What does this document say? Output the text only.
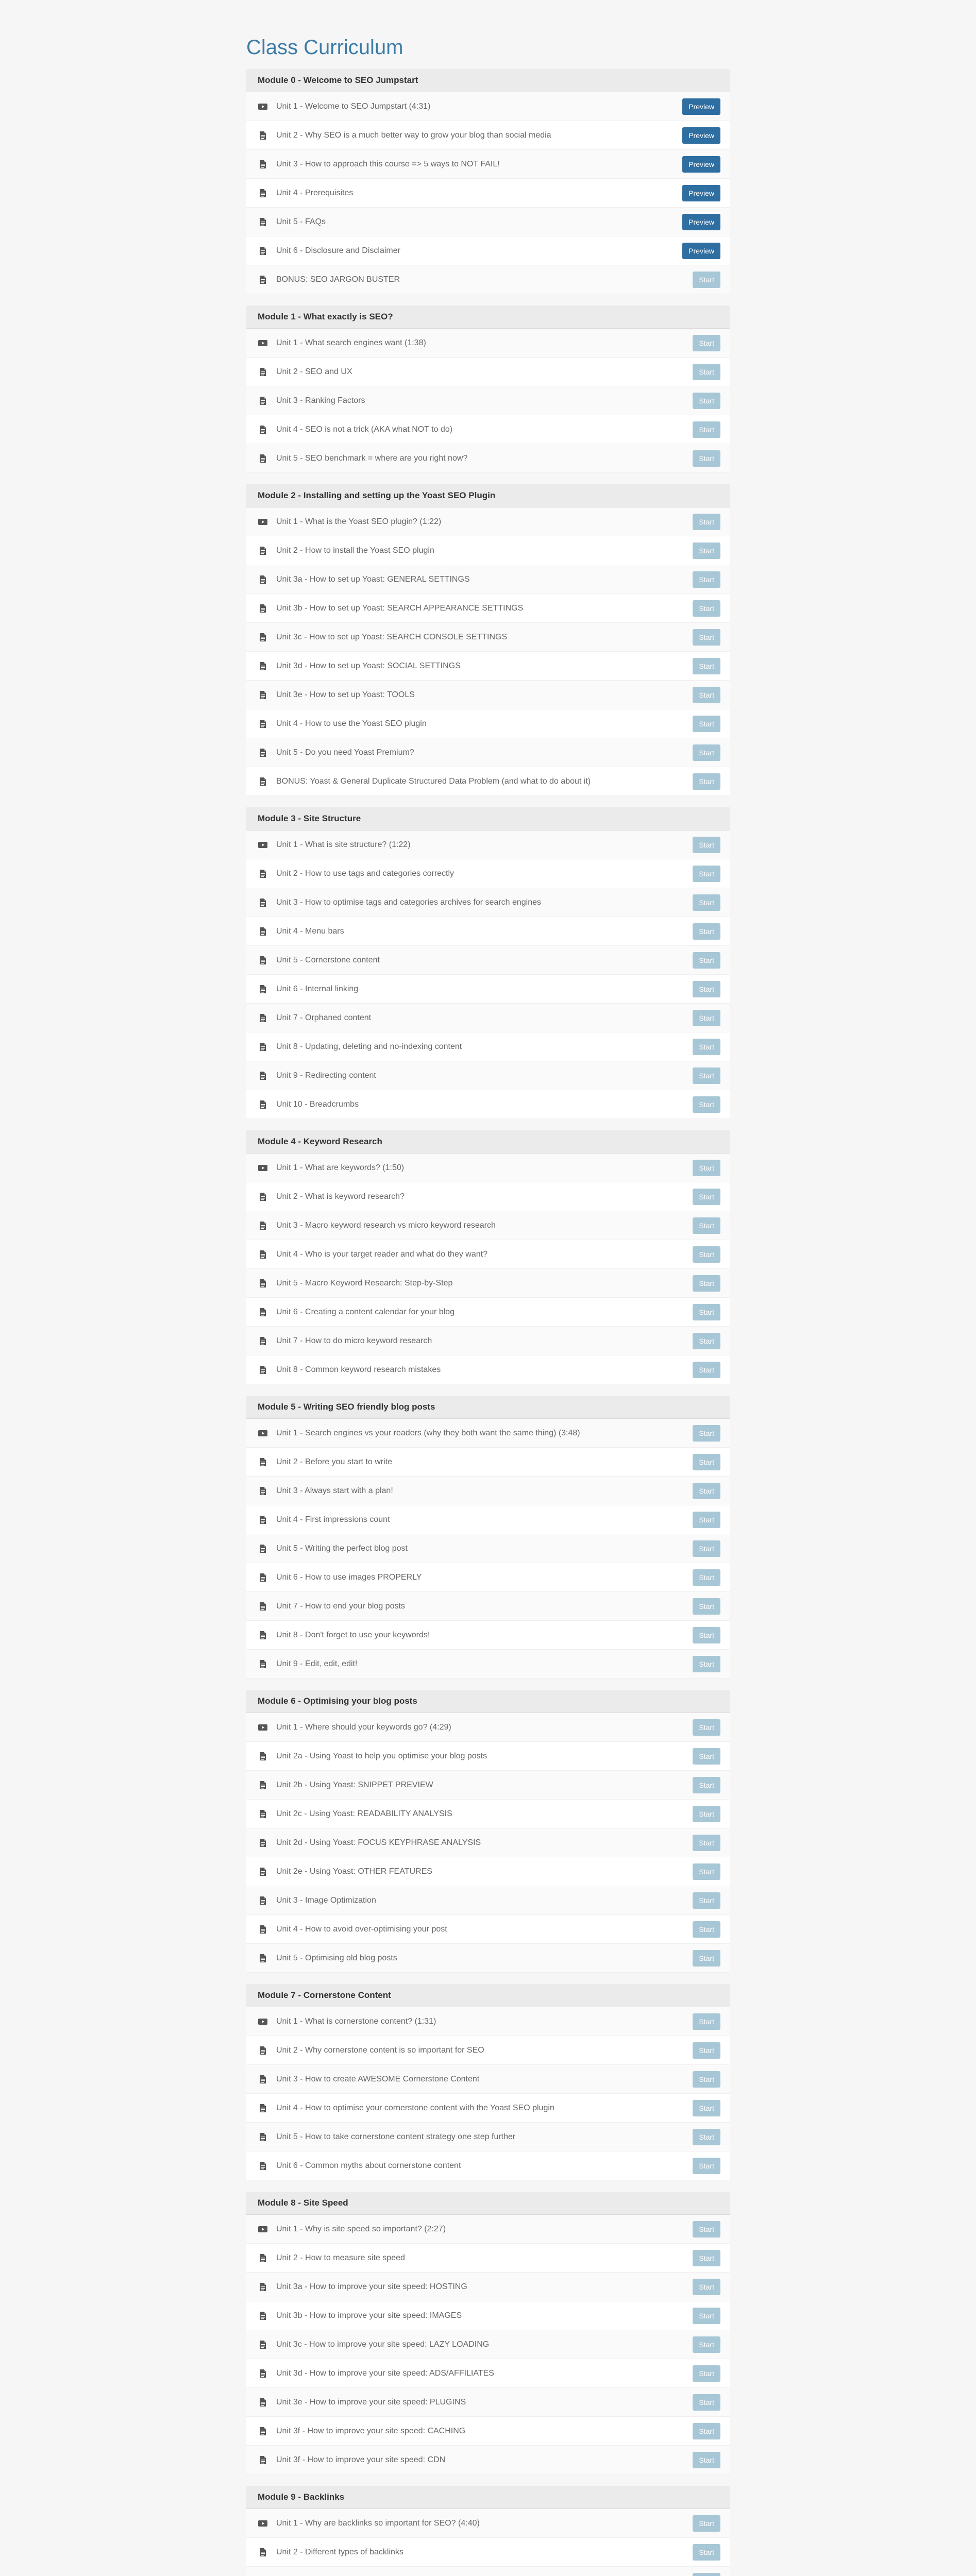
Class Curriculum
Module 0 - Welcome to SEO Jumpstart
Unit 1 - Welcome to SEO Jumpstart (4:31)	Preview
Unit 2 - Why SEO is a much better way to grow your blog than social media	Preview
Unit 3 - How to approach this course => 5 ways to NOT FAIL!	Preview
Unit 4 - Prerequisites	Preview
Unit 5 - FAQs	Preview
Unit 6 - Disclosure and Disclaimer	Preview
BONUS: SEO JARGON BUSTER	Start
Module 1 - What exactly is SEO?
Unit 1 - What search engines want (1:38)	Start
Unit 2 - SEO and UX	Start
Unit 3 - Ranking Factors	Start
Unit 4 - SEO is not a trick (AKA what NOT to do)	Start
Unit 5 - SEO benchmark = where are you right now?	Start
Module 2 - Installing and setting up the Yoast SEO Plugin
Unit 1 - What is the Yoast SEO plugin? (1:22)	Start
Unit 2 - How to install the Yoast SEO plugin	Start
Unit 3a - How to set up Yoast: GENERAL SETTINGS	Start
Unit 3b - How to set up Yoast: SEARCH APPEARANCE SETTINGS	Start
Unit 3c - How to set up Yoast: SEARCH CONSOLE SETTINGS	Start
Unit 3d - How to set up Yoast: SOCIAL SETTINGS	Start
Unit 3e - How to set up Yoast: TOOLS	Start
Unit 4 - How to use the Yoast SEO plugin	Start
Unit 5 - Do you need Yoast Premium?	Start
BONUS: Yoast & General Duplicate Structured Data Problem (and what to do about it)	Start
Module 3 - Site Structure
Unit 1 - What is site structure? (1:22)	Start
Unit 2 - How to use tags and categories correctly	Start
Unit 3 - How to optimise tags and categories archives for search engines	Start
Unit 4 - Menu bars	Start
Unit 5 - Cornerstone content	Start
Unit 6 - Internal linking	Start
Unit 7 - Orphaned content	Start
Unit 8 - Updating, deleting and no-indexing content	Start
Unit 9 - Redirecting content	Start
Unit 10 - Breadcrumbs	Start
Module 4 - Keyword Research
Unit 1 - What are keywords? (1:50)	Start
Unit 2 - What is keyword research?	Start
Unit 3 - Macro keyword research vs micro keyword research	Start
Unit 4 - Who is your target reader and what do they want?	Start
Unit 5 - Macro Keyword Research: Step-by-Step	Start
Unit 6 - Creating a content calendar for your blog	Start
Unit 7 - How to do micro keyword research	Start
Unit 8 - Common keyword research mistakes	Start
Module 5 - Writing SEO friendly blog posts
Unit 1 - Search engines vs your readers (why they both want the same thing) (3:48)	Start
Unit 2 - Before you start to write	Start
Unit 3 - Always start with a plan!	Start
Unit 4 - First impressions count	Start
Unit 5 - Writing the perfect blog post	Start
Unit 6 - How to use images PROPERLY	Start
Unit 7 - How to end your blog posts	Start
Unit 8 - Don't forget to use your keywords!	Start
Unit 9 - Edit, edit, edit!	Start
Module 6 - Optimising your blog posts
Unit 1 - Where should your keywords go? (4:29)	Start
Unit 2a - Using Yoast to help you optimise your blog posts	Start
Unit 2b - Using Yoast: SNIPPET PREVIEW	Start
Unit 2c - Using Yoast: READABILITY ANALYSIS	Start
Unit 2d - Using Yoast: FOCUS KEYPHRASE ANALYSIS	Start
Unit 2e - Using Yoast: OTHER FEATURES	Start
Unit 3 - Image Optimization	Start
Unit 4 - How to avoid over-optimising your post	Start
Unit 5 - Optimising old blog posts	Start
Module 7 - Cornerstone Content
Unit 1 - What is cornerstone content? (1:31)	Start
Unit 2 - Why cornerstone content is so important for SEO	Start
Unit 3 - How to create AWESOME Cornerstone Content	Start
Unit 4 - How to optimise your cornerstone content with the Yoast SEO plugin	Start
Unit 5 - How to take cornerstone content strategy one step further	Start
Unit 6 - Common myths about cornerstone content	Start
Module 8 - Site Speed
Unit 1 - Why is site speed so important? (2:27)	Start
Unit 2 - How to measure site speed	Start
Unit 3a - How to improve your site speed: HOSTING	Start
Unit 3b - How to improve your site speed: IMAGES	Start
Unit 3c - How to improve your site speed: LAZY LOADING	Start
Unit 3d - How to improve your site speed: ADS/AFFILIATES	Start
Unit 3e - How to improve your site speed: PLUGINS	Start
Unit 3f - How to improve your site speed: CACHING	Start
Unit 3f - How to improve your site speed: CDN	Start
Module 9 - Backlinks
Unit 1 - Why are backlinks so important for SEO? (4:40)	Start
Unit 2 - Different types of backlinks	Start
